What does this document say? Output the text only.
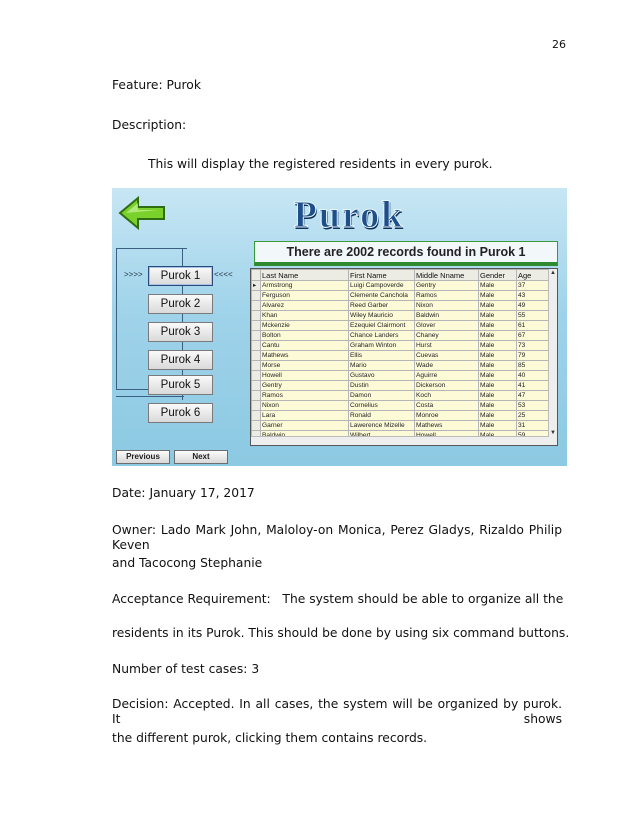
26
Feature: Purok
Description:
This will display the registered residents in every purok.
Purok
There are 2002 records found in Purok 1
>>>>	<<<<
Purok 1
Purok 2
Purok 3
Purok 4
Purok 5
Purok 6
Previous	Next
	Last Name	First Name	Middle Nname	Gender	Age
▸	Armstrong	Luigi Campoverde	Gentry	Male	37
	Ferguson	Clemente Canchola	Ramos	Male	43
	Alvarez	Reed Garber	Nixon	Male	49
	Khan	Wiley Mauricio	Baldwin	Male	55
	Mckenzie	Ezequiel Clairmont	Glover	Male	61
	Bolton	Chance Landers	Chaney	Male	67
	Cantu	Graham Winton	Hurst	Male	73
	Mathews	Ellis	Cuevas	Male	79
	Morse	Mario	Wade	Male	85
	Howell	Gustavo	Aguirre	Male	40
	Gentry	Dustin	Dickerson	Male	41
	Ramos	Damon	Koch	Male	47
	Nixon	Cornelius	Costa	Male	53
	Lara	Ronald	Monroe	Male	25
	Garner	Lawerence Mizelle	Mathews	Male	31

▲
▼
Date: January 17, 2017
Owner: Lado Mark John, Maloloy-on Monica, Perez Gladys, Rizaldo Philip Keven
and Tacocong Stephanie
Acceptance Requirement:   The system should be able to organize all the
residents in its Purok. This should be done by using six command buttons.
Number of test cases: 3
Decision: Accepted. In all cases, the system will be organized by purok. It shows
the different purok, clicking them contains records.
